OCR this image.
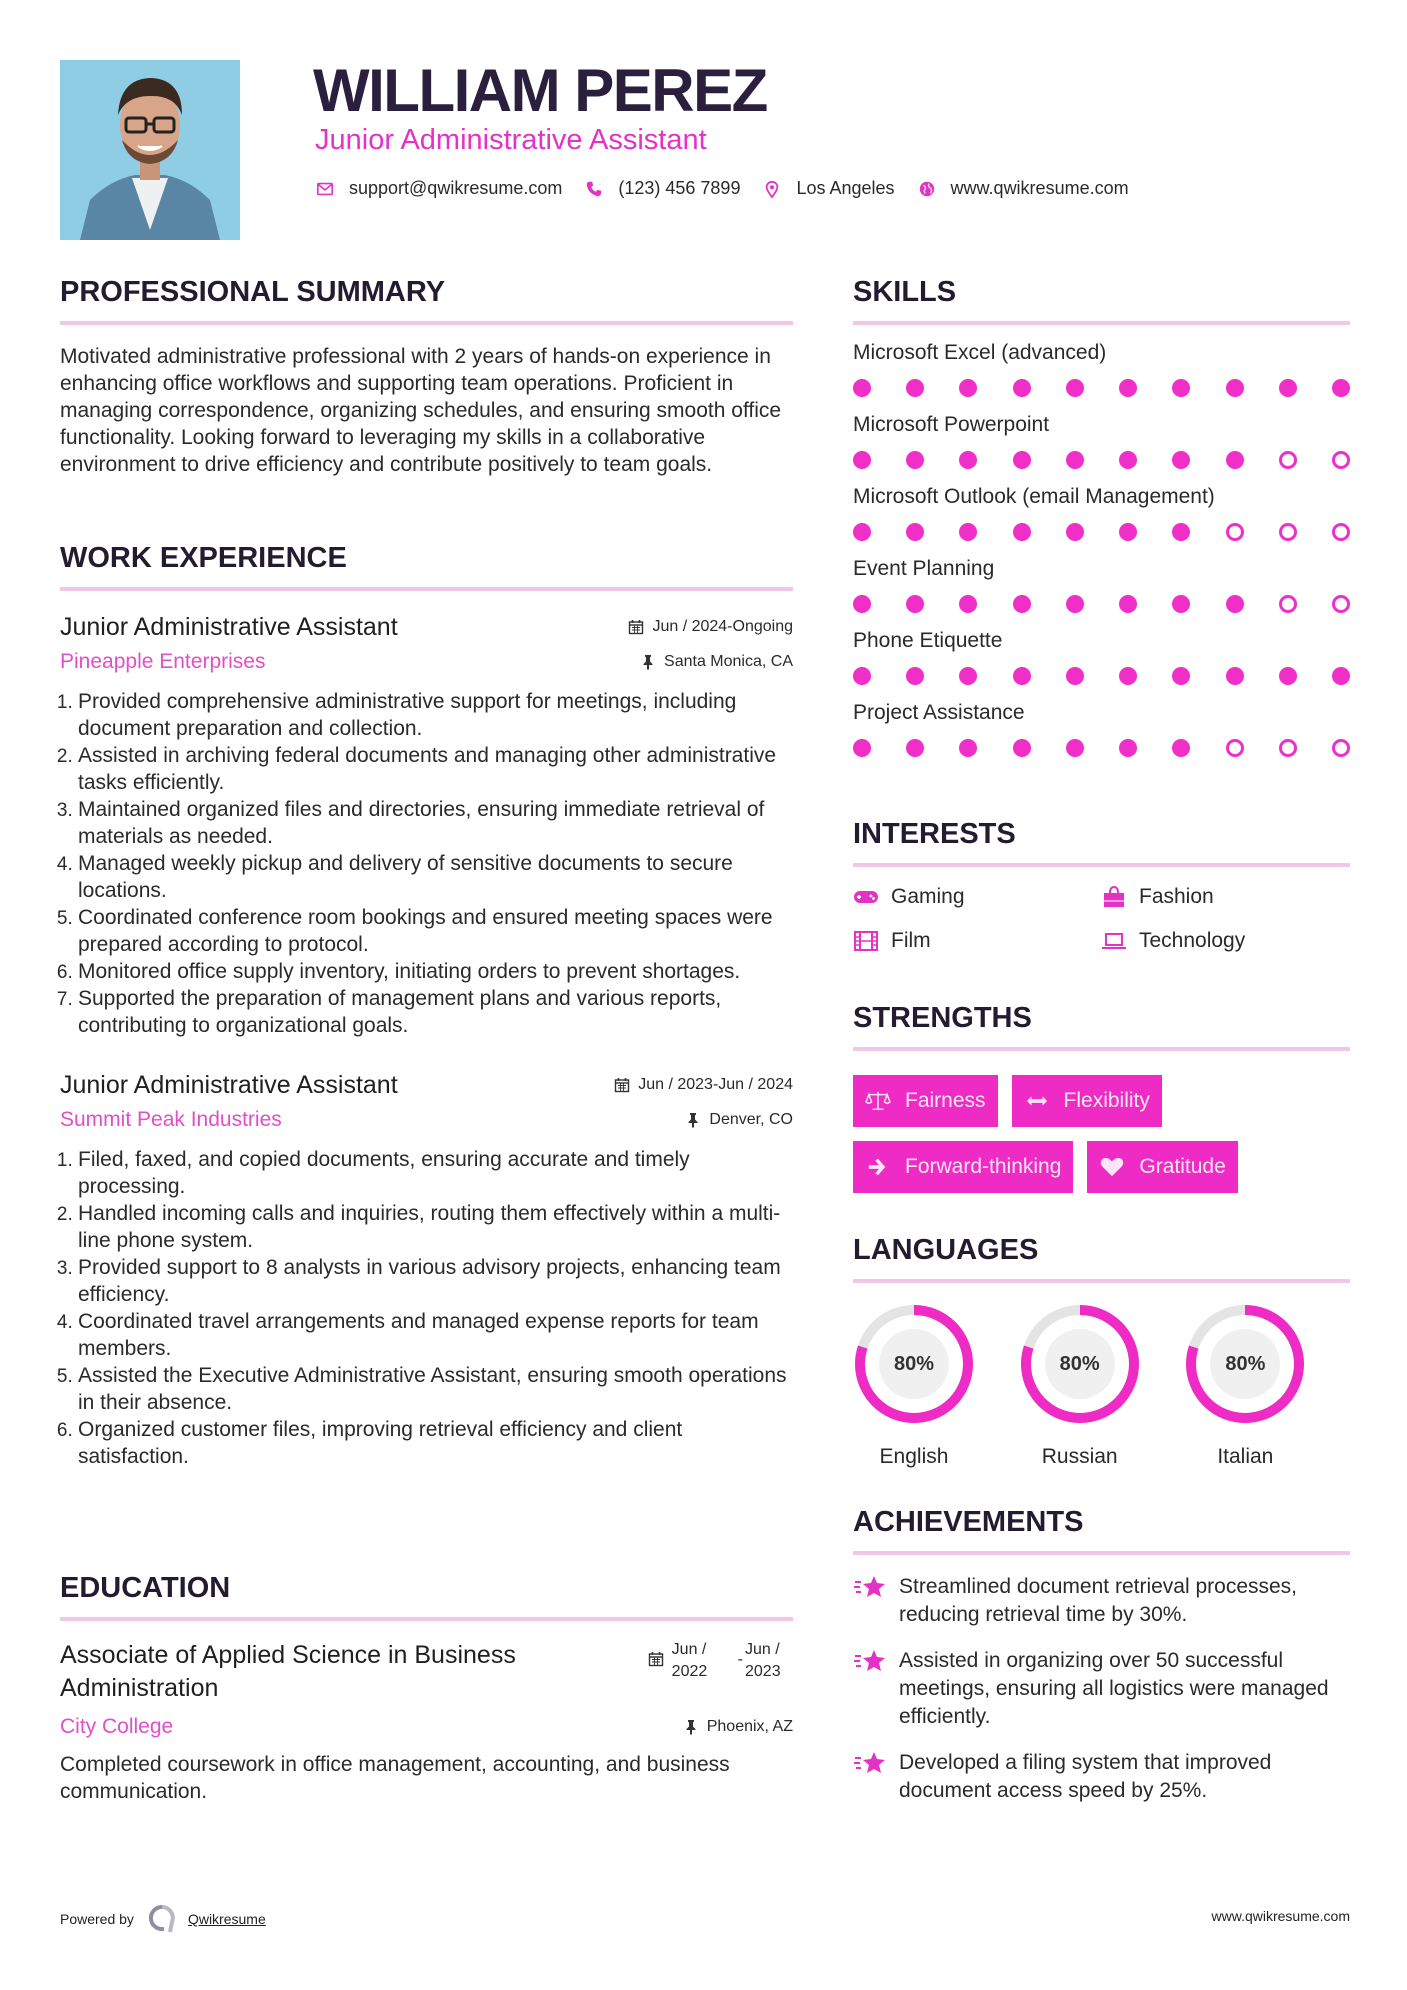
WILLIAM PEREZ
Junior Administrative Assistant
support@qwikresume.com	(123) 456 7899	Los Angeles	www.qwikresume.com
PROFESSIONAL SUMMARY
Motivated administrative professional with 2 years of hands-on experience in enhancing office workflows and supporting team operations. Proficient in managing correspondence, organizing schedules, and ensuring smooth office functionality. Looking forward to leveraging my skills in a collaborative environment to drive efficiency and contribute positively to team goals.
WORK EXPERIENCE
Junior Administrative Assistant	Jun / 2024-Ongoing
Pineapple Enterprises	Santa Monica, CA
1. Provided comprehensive administrative support for meetings, including document preparation and collection.
2. Assisted in archiving federal documents and managing other administrative tasks efficiently.
3. Maintained organized files and directories, ensuring immediate retrieval of materials as needed.
4. Managed weekly pickup and delivery of sensitive documents to secure locations.
5. Coordinated conference room bookings and ensured meeting spaces were prepared according to protocol.
6. Monitored office supply inventory, initiating orders to prevent shortages.
7. Supported the preparation of management plans and various reports, contributing to organizational goals.
Junior Administrative Assistant	Jun / 2023-Jun / 2024
Summit Peak Industries	Denver, CO
1. Filed, faxed, and copied documents, ensuring accurate and timely processing.
2. Handled incoming calls and inquiries, routing them effectively within a multi-line phone system.
3. Provided support to 8 analysts in various advisory projects, enhancing team efficiency.
4. Coordinated travel arrangements and managed expense reports for team members.
5. Assisted the Executive Administrative Assistant, ensuring smooth operations in their absence.
6. Organized customer files, improving retrieval efficiency and client satisfaction.
EDUCATION
Associate of Applied Science in Business Administration
Jun / 2022
-
Jun / 2023
City College	Phoenix, AZ
Completed coursework in office management, accounting, and business communication.
SKILLS
Microsoft Excel (advanced)
Microsoft Powerpoint
Microsoft Outlook (email Management)
Event Planning
Phone Etiquette
Project Assistance
INTERESTS
Gaming	Fashion
Film	Technology
STRENGTHS
Fairness	Flexibility
Forward-thinking	Gratitude
LANGUAGES
80%
English
80%
Russian
80%
Italian
ACHIEVEMENTS
Streamlined document retrieval processes, reducing retrieval time by 30%.
Assisted in organizing over 50 successful meetings, ensuring all logistics were managed efficiently.
Developed a filing system that improved document access speed by 25%.
Powered by	Qwikresume	www.qwikresume.com
